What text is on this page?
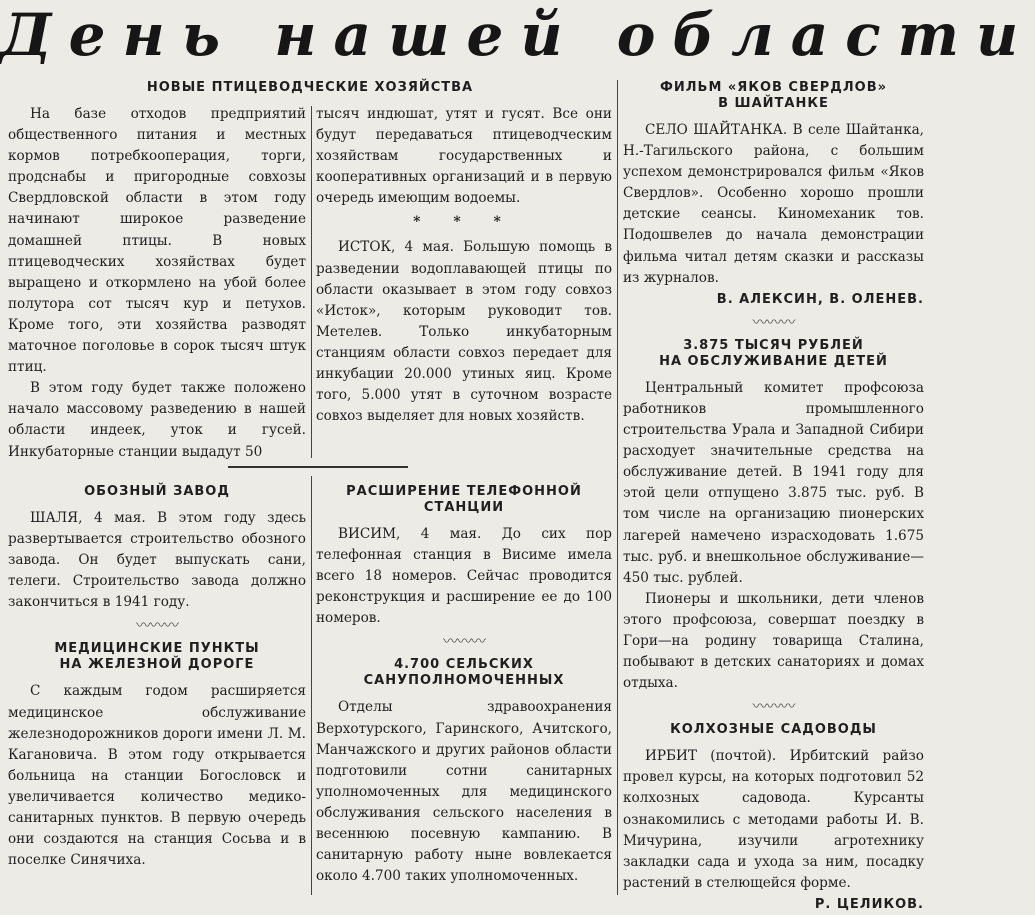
День нашей области
НОВЫЕ ПТИЦЕВОДЧЕСКИЕ ХОЗЯЙСТВА

На базе отходов предприятий общественного питания и местных кормов потребкооперация, торги, продснабы и пригородные совхозы Свердловской области в этом году начинают широкое разведение домашней птицы. В новых птицеводческих хозяйствах будет выращено и откормлено на убой более полутора сот тысяч кур и петухов. Кроме того, эти хозяйства разводят маточное поголовье в сорок тысяч штук птиц.

В этом году будет также положено начало массовому разведению в нашей области индеек, уток и гусей. Инкубаторные станции выдадут 50

тысяч индюшат, утят и гусят. Все они будут передаваться птицеводческим хозяйствам государственных и кооперативных организаций и в первую очередь имеющим водоемы.

* * *

ИСТОК, 4 мая. Большую помощь в разведении водоплавающей птицы по области оказывает в этом году совхоз «Исток», которым руководит тов. Метелев. Только инкубаторным станциям области совхоз передает для инкубации 20.000 утиных яиц. Кроме того, 5.000 утят в суточном возрасте совхоз выделяет для новых хозяйств.

ФИЛЬМ «ЯКОВ СВЕРДЛОВ»
В ШАЙТАНКЕ

СЕЛО ШАЙТАНКА. В селе Шайтанка, Н.-Тагильского района, с большим успехом демонстрировался фильм «Яков Свердлов». Особенно хорошо прошли детские сеансы. Киномеханик тов. Подошвелев до начала демонстрации фильма читал детям сказки и рассказы из журналов.

В. АЛЕКСИН, В. ОЛЕНЕВ.
〰〰〰
3.875 ТЫСЯЧ РУБЛЕЙ
НА ОБСЛУЖИВАНИЕ ДЕТЕЙ

Центральный комитет профсоюза работников промышленного строительства Урала и Западной Сибири расходует значительные средства на обслуживание детей. В 1941 году для этой цели отпущено 3.875 тыс. руб. В том числе на организацию пионерских лагерей намечено израсходовать 1.675 тыс. руб. и внешкольное обслуживание—450 тыс. рублей.

Пионеры и школьники, дети членов этого профсоюза, совершат поездку в Гори—на родину товарища Сталина, побывают в детских санаториях и домах отдыха.

〰〰〰
КОЛХОЗНЫЕ САДОВОДЫ

ИРБИТ (почтой). Ирбитский райзо провел курсы, на которых подготовил 52 колхозных садовода. Курсанты ознакомились с методами работы И. В. Мичурина, изучили агротехнику закладки сада и ухода за ним, посадку растений в стелющейся форме.

Р. ЦЕЛИКОВ.
ОБОЗНЫЙ ЗАВОД

ШАЛЯ, 4 мая. В этом году здесь развертывается строительство обозного завода. Он будет выпускать сани, телеги. Строительство завода должно закончиться в 1941 году.

〰〰〰
МЕДИЦИНСКИЕ ПУНКТЫ
НА ЖЕЛЕЗНОЙ ДОРОГЕ

С каждым годом расширяется медицинское обслуживание железнодорожников дороги имени Л. М. Кагановича. В этом году открывается больница на станции Богословск и увеличивается количество медико-санитарных пунктов. В первую очередь они создаются на станция Сосьва и в поселке Синячиха.

РАСШИРЕНИЕ ТЕЛЕФОННОЙ
СТАНЦИИ

ВИСИМ, 4 мая. До сих пор телефонная станция в Висиме имела всего 18 номеров. Сейчас проводится реконструкция и расширение ее до 100 номеров.

〰〰〰
4.700 СЕЛЬСКИХ
САНУПОЛНОМОЧЕННЫХ

Отделы здравоохранения Верхотурского, Гаринского, Ачитского, Манчажского и других районов области подготовили сотни санитарных уполномоченных для медицинского обслуживания сельского населения в весеннюю посевную кампанию. В санитарную работу ныне вовлекается около 4.700 таких уполномоченных.
